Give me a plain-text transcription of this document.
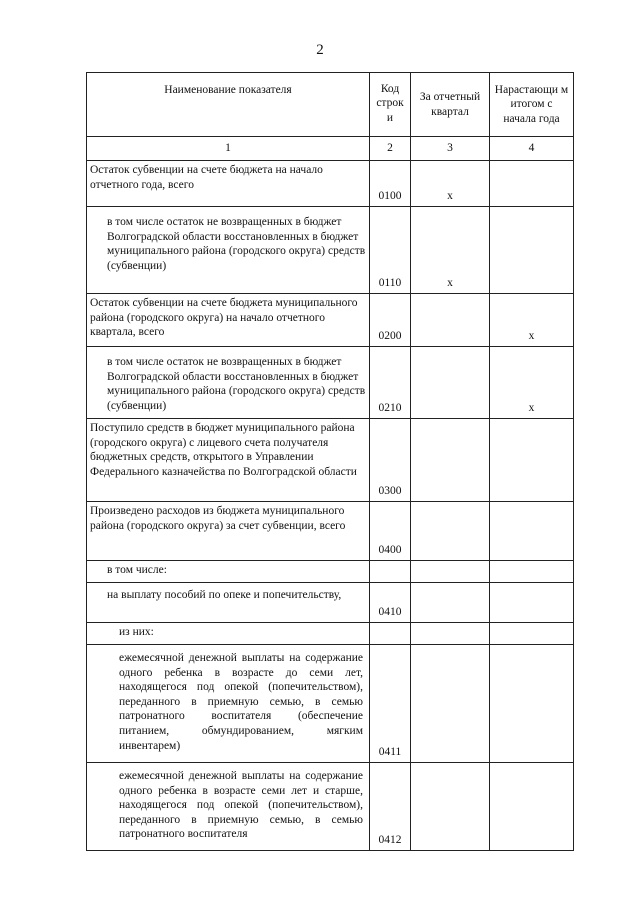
2
Наименование показателя	Код строк и	За отчетный квартал	Нарастающи м итогом с начала года
1	2	3	4
Остаток субвенции на счете бюджета на начало отчетного года, всего	0100	x	
в том числе остаток не возвращенных в бюджет Волгоградской области восстановленных в бюджет муниципального района (городского округа) средств (субвенции)	0110	x	
Остаток субвенции на счете бюджета муниципального района (городского округа) на начало отчетного квартала, всего	0200		x
в том числе остаток не возвращенных в бюджет Волгоградской области восстановленных в бюджет муниципального района (городского округа) средств (субвенции)	0210		x
Поступило средств в бюджет муниципального района (городского округа) с лицевого счета получателя бюджетных средств, открытого в Управлении Федерального казначейства по Волгоградской области	0300		
Произведено расходов из бюджета муниципального района (городского округа) за счет субвенции, всего	0400		
в том числе:			
на выплату пособий по опеке и попечительству,	0410		
из них:			
ежемесячной денежной выплаты на содержание одного ребенка в возрасте до семи лет, находящегося под опекой (попечительством), переданного в приемную семью, в семью патронатного воспитателя (обеспечение питанием, обмундированием, мягким инвентарем)	0411		
ежемесячной денежной выплаты на содержание одного ребенка в возрасте семи лет и старше, находящегося под опекой (попечительством), переданного в приемную семью, в семью патронатного воспитателя	0412		
